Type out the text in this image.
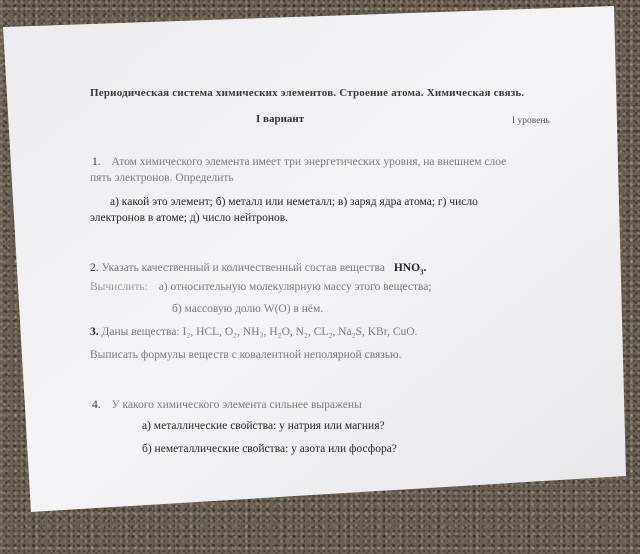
Периодическая система химических элементов. Строение атома. Химическая связь.
I вариант	I уровень
1. Атом химического элемента имеет три энергетических уровня, на внешнем слое
пять электронов. Определить
а) какой это элемент; б) металл или неметалл; в) заряд ядра атома; г) число
электронов в атоме; д) число нейтронов.
2. Указать качественный и количественный состав вещества $HNO_3$.
Вычислить: а) относительную молекулярную массу этого вещества;
б) массовую долю W(O) в нём.
3. Даны вещества: I₂, HCL, O₂, NH₃, H₂O, N₂, CL₂, Na₂S, KBr, CuO.
Выписать формулы веществ с ковалентной неполярной связью.
4. У какого химического элемента сильнее выражены
а) металлические свойства: у натрия или магния?
б) неметаллические свойства: у азота или фосфора?
